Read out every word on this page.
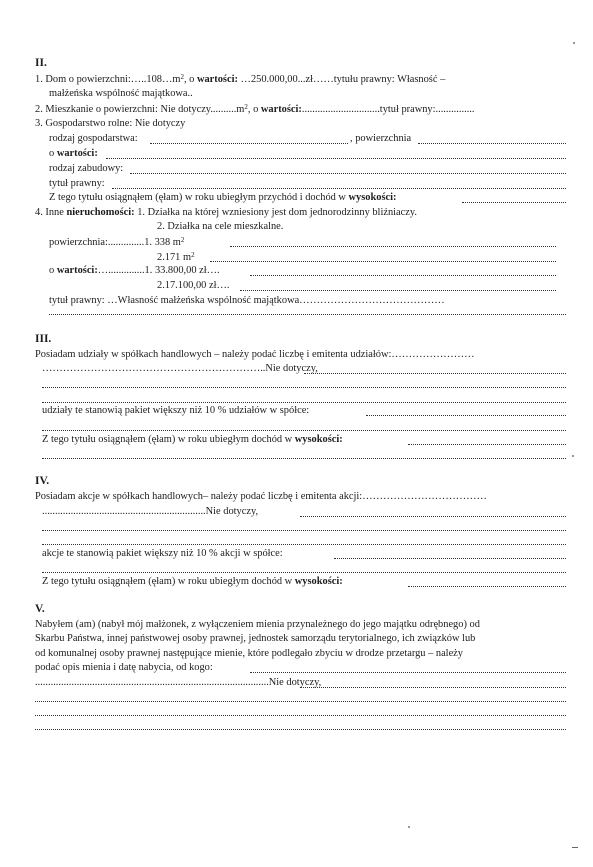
II.
1. Dom o $powierzchni:\dots..108\dots m^2$, o wartości: …250.000,00...zł……tytułu prawny: Własność –
małżeńska wspólność majątkowa..
2. Mieszkanie o powierzchni: Nie $dotyczy..........m^2$, o wartości:..............................tytuł prawny:...............
3. Gospodarstwo rolne: Nie dotyczy
rodzaj gospodarstwa:	, powierzchnia
o wartości:
rodzaj zabudowy:
tytuł prawny:
Z tego tytułu osiągnąłem (ęłam) w roku ubiegłym przychód i dochód w wysokości:
4. Inne nieruchomości: 1. Działka na której wzniesiony jest dom jednorodzinny bliźniaczy.
2. Działka na cele mieszkalne.
powierzchnia:..............1. 338 $m^2$
2.171 $m^2$
o wartości:…..............1. 33.800,00 zł….
2.17.100,00 zł….
tytuł prawny: …Własność małżeńska wspólność majątkowa……………………………………
III.
Posiadam udziały w spółkach handlowych – należy podać liczbę i emitenta udziałów:……………………
………………………………………………………..Nie dotyczy,
udziały te stanowią pakiet większy niż 10 % udziałów w spółce:
Z tego tytułu osiągnąłem (ęłam) w roku ubiegłym dochód w wysokości:
IV.
Posiadam akcje w spółkach handlowych– należy podać liczbę i emitenta akcji:………………………………
...............................................................Nie dotyczy,
akcje te stanowią pakiet większy niż 10 % akcji w spółce:
Z tego tytułu osiągnąłem (ęłam) w roku ubiegłym dochód w wysokości:
V.
Nabyłem (am) (nabył mój małżonek, z wyłączeniem mienia przynależnego do jego majątku odrębnego) od
Skarbu Państwa, innej państwowej osoby prawnej, jednostek samorządu terytorialnego, ich związków lub
od komunalnej osoby prawnej następujące mienie, które podlegało zbyciu w drodze przetargu – należy
podać opis mienia i datę nabycia, od kogo:
..........................................................................................Nie dotyczy,
